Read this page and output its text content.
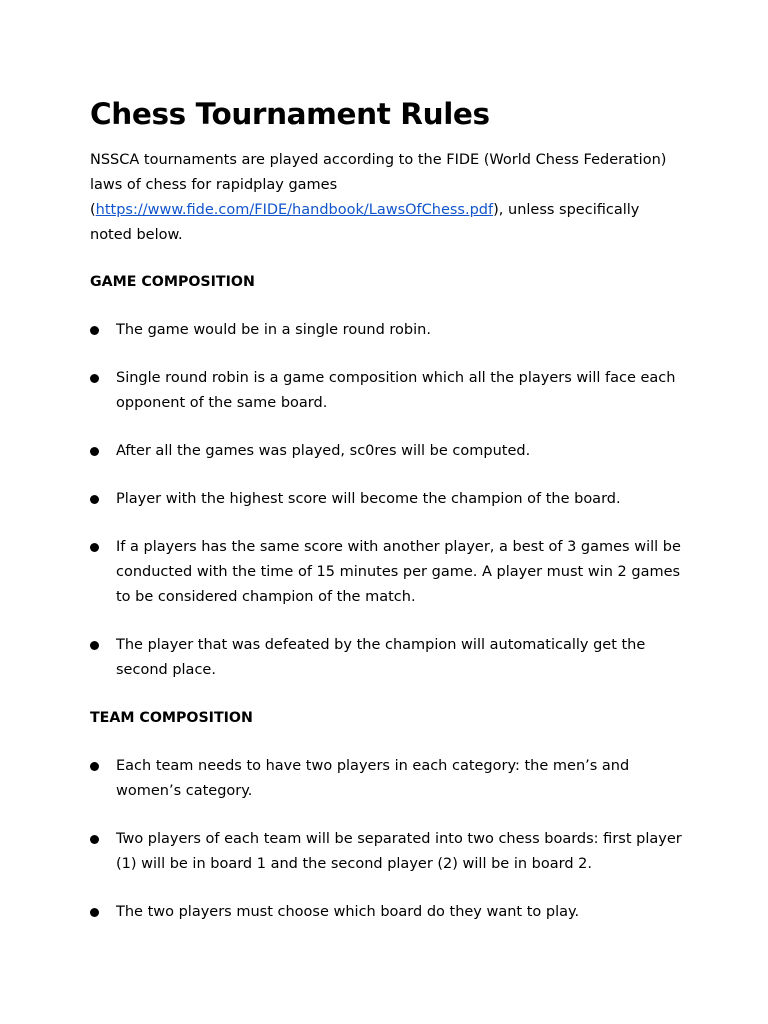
Chess Tournament Rules

NSSCA tournaments are played according to the FIDE (World Chess Federation) laws of chess for rapidplay games (https://www.fide.com/FIDE/handbook/LawsOfChess.pdf), unless specifically noted below.

GAME COMPOSITION
The game would be in a single round robin.
Single round robin is a game composition which all the players will face each opponent of the same board.
After all the games was played, sc0res will be computed.
Player with the highest score will become the champion of the board.
If a players has the same score with another player, a best of 3 games will be conducted with the time of 15 minutes per game. A player must win 2 games to be considered champion of the match.
The player that was defeated by the champion will automatically get the second place.
TEAM COMPOSITION
Each team needs to have two players in each category: the men’s and women’s category.
Two players of each team will be separated into two chess boards: first player (1) will be in board 1 and the second player (2) will be in board 2.
The two players must choose which board do they want to play.
